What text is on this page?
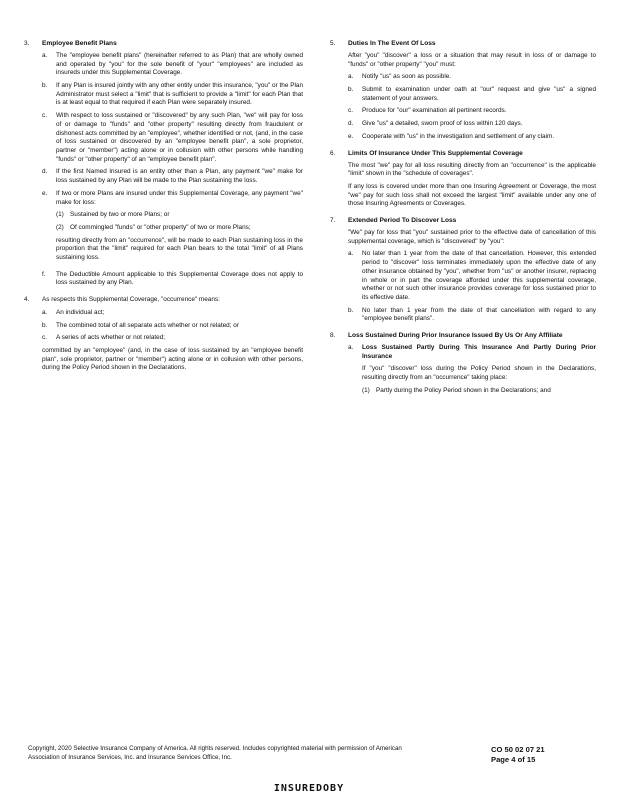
3.	Employee Benefit Plans
a.	The "employee benefit plans" (hereinafter referred to as Plan) that are wholly owned and operated by "you" for the sole benefit of "your" "employees" are included as insureds under this Supplemental Coverage.
b.	If any Plan is insured jointly with any other entity under this insurance, "you" or the Plan Administrator must select a "limit" that is sufficient to provide a "limit" for each Plan that is at least equal to that required if each Plan were separately insured.
c.	With respect to loss sustained or "discovered" by any such Plan, "we" will pay for loss of or damage to "funds" and "other property" resulting directly from fraudulent or dishonest acts committed by an "employee", whether identified or not, (and, in the case of loss sustained or discovered by an "employee benefit plan", a sole proprietor, partner or "member") acting alone or in collusion with other persons while handling "funds" or "other property" of an "employee benefit plan".
d.	If the first Named Insured is an entity other than a Plan, any payment "we" make for loss sustained by any Plan will be made to the Plan sustaining the loss.
e.	If two or more Plans are insured under this Supplemental Coverage, any payment "we" make for loss:
(1) Sustained by two or more Plans; or
(2) Of commingled "funds" or "other property" of two or more Plans;
resulting directly from an "occurrence", will be made to each Plan sustaining loss in the proportion that the "limit" required for each Plan bears to the total "limit" of all Plans sustaining loss.
f.	The Deductible Amount applicable to this Supplemental Coverage does not apply to loss sustained by any Plan.
4.	As respects this Supplemental Coverage, "occurrence" means:
a.	An individual act;
b.	The combined total of all separate acts whether or not related; or
c.	A series of acts whether or not related;
committed by an "employee" (and, in the case of loss sustained by an "employee benefit plan", sole proprietor, partner or "member") acting alone or in collusion with other persons, during the Policy Period shown in the Declarations.
5.	Duties In The Event Of Loss
After "you" "discover" a loss or a situation that may result in loss of or damage to "funds" or "other property" "you" must:
a.	Notify "us" as soon as possible.
b.	Submit to examination under oath at "our" request and give "us" a signed statement of your answers.
c.	Produce for "our" examination all pertinent records.
d.	Give "us" a detailed, sworn proof of loss within 120 days.
e.	Cooperate with "us" in the investigation and settlement of any claim.
6.	Limits Of Insurance Under This Supplemental Coverage
The most "we" pay for all loss resulting directly from an "occurrence" is the applicable "limit" shown in the "schedule of coverages".
If any loss is covered under more than one Insuring Agreement or Coverage, the most "we" pay for such loss shall not exceed the largest "limit" available under any one of those Insuring Agreements or Coverages.
7.	Extended Period To Discover Loss
"We" pay for loss that "you" sustained prior to the effective date of cancellation of this supplemental coverage, which is "discovered" by "you":
a.	No later than 1 year from the date of that cancellation. However, this extended period to "discover" loss terminates immediately upon the effective date of any other insurance obtained by "you", whether from "us" or another insurer, replacing in whole or in part the coverage afforded under this supplemental coverage, whether or not such other insurance provides coverage for loss sustained prior to its effective date.
b.	No later than 1 year from the date of that cancellation with regard to any "employee benefit plans".
8.	Loss Sustained During Prior Insurance Issued By Us Or Any Affiliate
a.	Loss Sustained Partly During This Insurance And Partly During Prior Insurance
If "you" "discover" loss during the Policy Period shown in the Declarations, resulting directly from an "occurrence" taking place:
(1) Partly during the Policy Period shown in the Declarations; and
Copyright, 2020 Selective Insurance Company of America. All rights reserved. Includes copyrighted material with permission of American Association of Insurance Services, Inc. and Insurance Services Office, Inc.
CO 50 02 07 21
Page 4 of 15
INSUREDOBY
